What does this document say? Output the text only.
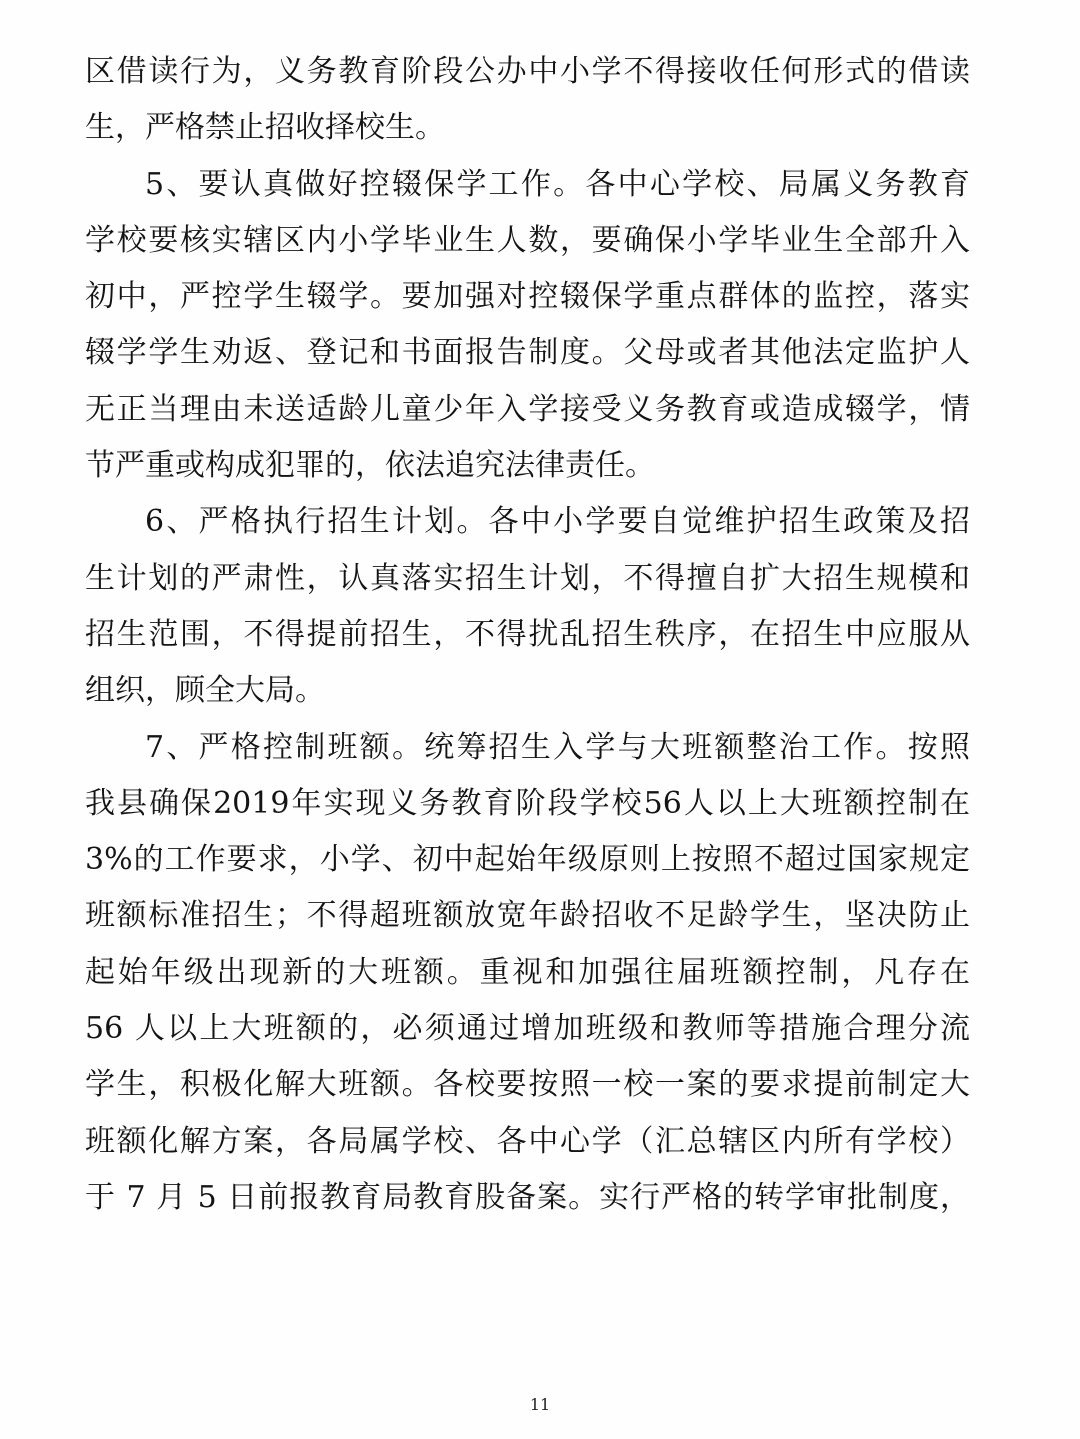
区借读行为，义务教育阶段公办中小学不得接收任何形式的借读
生，严格禁止招收择校生。
5、要认真做好控辍保学工作。各中心学校、局属义务教育
学校要核实辖区内小学毕业生人数，要确保小学毕业生全部升入
初中，严控学生辍学。要加强对控辍保学重点群体的监控，落实
辍学学生劝返、登记和书面报告制度。父母或者其他法定监护人
无正当理由未送适龄儿童少年入学接受义务教育或造成辍学，情
节严重或构成犯罪的，依法追究法律责任。
6、严格执行招生计划。各中小学要自觉维护招生政策及招
生计划的严肃性，认真落实招生计划，不得擅自扩大招生规模和
招生范围，不得提前招生，不得扰乱招生秩序，在招生中应服从
组织，顾全大局。
7、严格控制班额。统筹招生入学与大班额整治工作。按照
我县确保2019年实现义务教育阶段学校56人以上大班额控制在
3%的工作要求，小学、初中起始年级原则上按照不超过国家规定
班额标准招生；不得超班额放宽年龄招收不足龄学生，坚决防止
起始年级出现新的大班额。重视和加强往届班额控制，凡存在
56 人以上大班额的，必须通过增加班级和教师等措施合理分流
学生，积极化解大班额。各校要按照一校一案的要求提前制定大
班额化解方案，各局属学校、各中心学（汇总辖区内所有学校）
于 7 月 5 日前报教育局教育股备案。实行严格的转学审批制度，
11
